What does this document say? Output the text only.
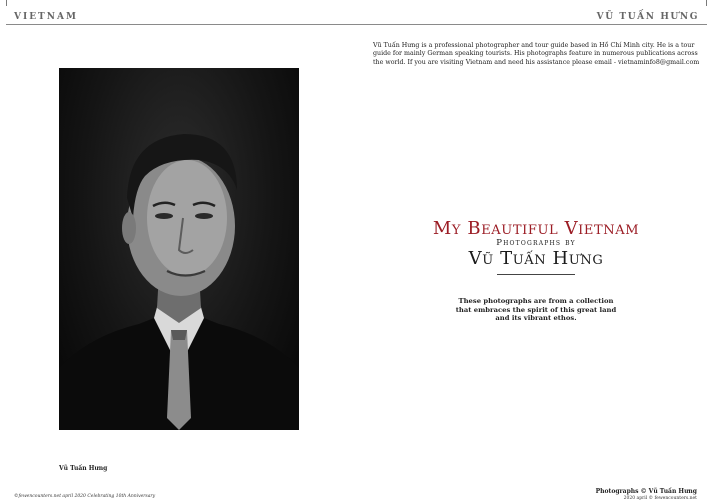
VIETNAM	VŨ TUẤN HƯNG
Vũ Tuấn Hưng is a professional photographer and tour guide based in Hồ Chí Minh city. He is a tour guide for mainly German speaking tourists. His photographs feature in numerous publications across the world. If you are visiting Vietnam and need his assistance please email - vietnaminfo8@gmail.com
Vũ Tuấn Hưng
My Beautiful Vietnam
Photographs by
Vũ Tuấn Hưng
These photographs are from a collection
that embraces the spirit of this great land
and its vibrant ethos.
©fewencounters.net april 2020 Celebrating 10th Anniversary
Photographs © Vũ Tuấn Hưng
2020 april © fewencounters.net
